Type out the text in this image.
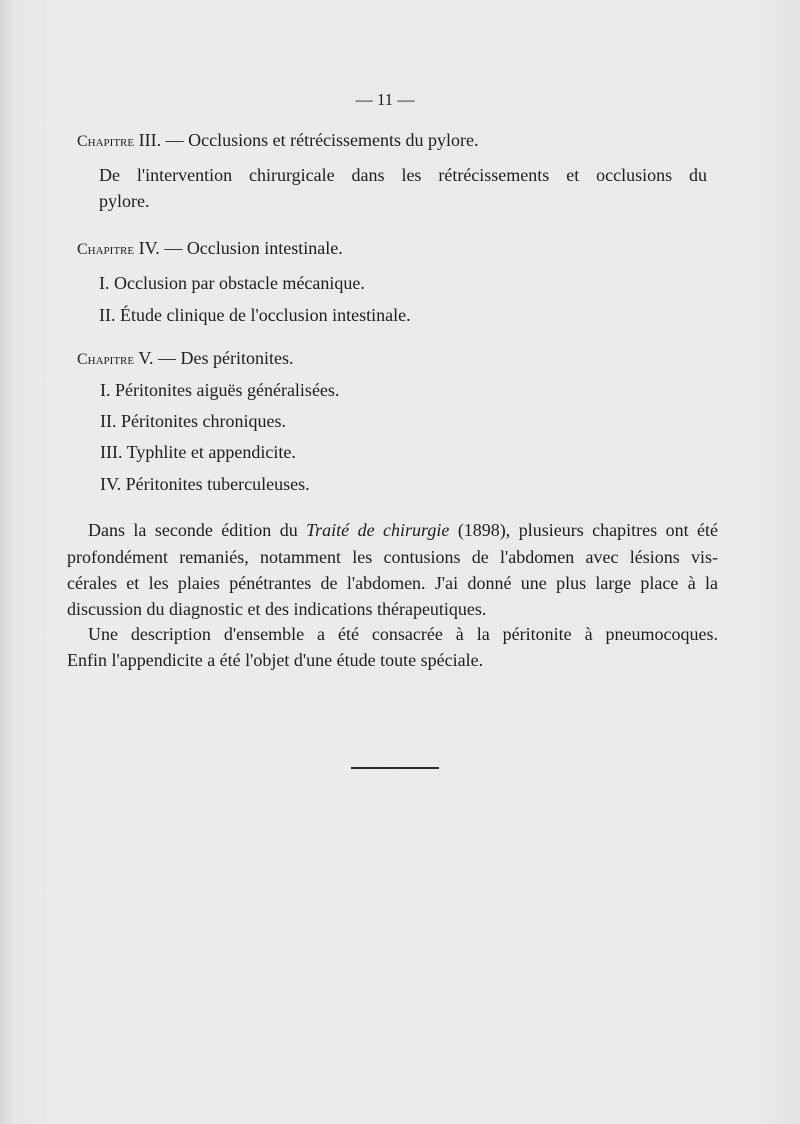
— 11 —
Chapitre III. — Occlusions et rétrécissements du pylore.
De l'intervention chirurgicale dans les rétrécissements et occlusions du
pylore.
Chapitre IV. — Occlusion intestinale.
I. Occlusion par obstacle mécanique.
II. Étude clinique de l'occlusion intestinale.
Chapitre V. — Des péritonites.
I. Péritonites aiguës généralisées.
II. Péritonites chroniques.
III. Typhlite et appendicite.
IV. Péritonites tuberculeuses.
Dans la seconde édition du Traité de chirurgie (1898), plusieurs chapitres ont été
profondément remaniés, notamment les contusions de l'abdomen avec lésions vis-
cérales et les plaies pénétrantes de l'abdomen. J'ai donné une plus large place à la
discussion du diagnostic et des indications thérapeutiques.
Une description d'ensemble a été consacrée à la péritonite à pneumocoques.
Enfin l'appendicite a été l'objet d'une étude toute spéciale.
